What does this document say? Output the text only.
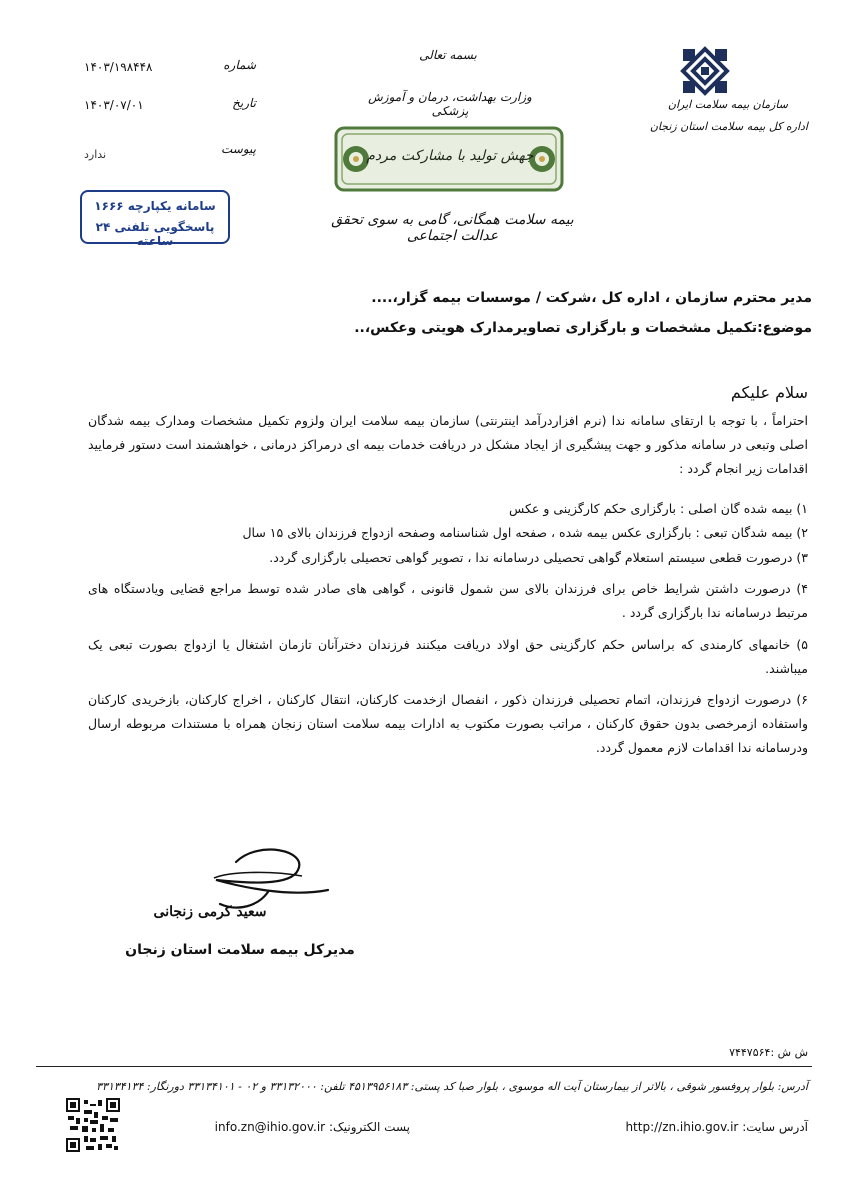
سازمان بیمه سلامت ایران
اداره کل بیمه سلامت استان زنجان
بسمه تعالی
وزارت بهداشت، درمان و آموزش پزشکی
جهش تولید با مشارکت مردم
بیمه سلامت همگانی، گامی به سوی تحقق عدالت اجتماعی
شماره
۱۴۰۳/۱۹۸۴۴۸
تاریخ
۱۴۰۳/۰۷/۰۱
پیوست
ندارد
سامانه یکپارچه ۱۶۶۶
پاسخگویی تلفنی ۲۴ ساعته
مدیر محترم سازمان ، اداره کل ،شرکت / موسسات بیمه گزار،....
موضوع:تکمیل مشخصات و بارگزاری تصاویرمدارک هویتی وعکس،..
سلام علیکم
احتراماً ، با توجه با ارتقای سامانه ندا (نرم افزاردرآمد اینترنتی) سازمان بیمه سلامت ایران ولزوم تکمیل مشخصات ومدارک بیمه شدگان اصلی وتبعی در سامانه مذکور و جهت پیشگیری از ایجاد مشکل در دریافت خدمات بیمه ای درمراکز درمانی ، خواهشمند است دستور فرمایید اقدامات زیر انجام گردد :
۱) بیمه شده گان اصلی : بارگزاری حکم کارگزینی و عکس
۲) بیمه شدگان تبعی : بارگزاری عکس بیمه شده ، صفحه اول شناسنامه وصفحه ازدواج فرزندان بالای ۱۵ سال
۳) درصورت قطعی سیستم استعلام گواهی تحصیلی درسامانه ندا ، تصویر گواهی تحصیلی بارگزاری گردد.
۴) درصورت داشتن شرایط خاص برای فرزندان بالای سن شمول قانونی ، گواهی های صادر شده توسط مراجع قضایی ویادستگاه های مرتبط درسامانه ندا بارگزاری گردد .
۵) خانمهای کارمندی که براساس حکم کارگزینی حق اولاد دریافت میکنند فرزندان دخترآنان تازمان اشتغال یا ازدواج بصورت تبعی یک میباشند.
۶) درصورت ازدواج فرزندان، اتمام تحصیلی فرزندان ذکور ، انفصال ازخدمت کارکنان، انتقال کارکنان ، اخراج کارکنان، بازخریدی کارکنان واستفاده ازمرخصی بدون حقوق کارکنان ، مراتب بصورت مکتوب به ادارات بیمه سلامت استان زنجان همراه با مستندات مربوطه ارسال ودرسامانه ندا اقدامات لازم معمول گردد.
سعید کرمی زنجانی
مدیرکل بیمه سلامت استان زنجان
ش ش :۷۴۴۷۵۶۴
آدرس: بلوار پروفسور شوقی ، بالاتر از بیمارستان آیت اله موسوی ، بلوار صبا کد پستی: ۴۵۱۳۹۵۶۱۸۳ تلفن: ۳۳۱۳۲۰۰۰ و ۰۲ - ۳۳۱۳۴۱۰۱ دورنگار: ۳۳۱۳۴۱۳۴
آدرس سایت: http://zn.ihio.gov.ir
پست الکترونیک: info.zn@ihio.gov.ir
